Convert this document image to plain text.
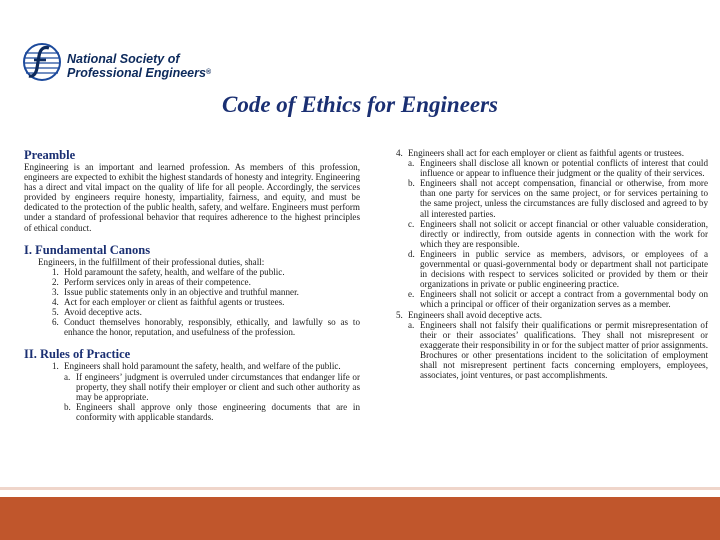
National Society of
Professional Engineers®
Code of Ethics for Engineers
Preamble

Engineering is an important and learned profession. As members of this profession, engineers are expected to exhibit the highest standards of honesty and integrity. Engineering has a direct and vital impact on the quality of life for all people. Accordingly, the services provided by engineers require honesty, impartiality, fairness, and equity, and must be dedicated to the protection of the public health, safety, and welfare. Engineers must perform under a standard of professional behavior that requires adherence to the highest principles of ethical conduct.

I. Fundamental Canons
Engineers, in the fulfillment of their professional duties, shall:
1. Hold paramount the safety, health, and welfare of the public.
2. Perform services only in areas of their competence.
3. Issue public statements only in an objective and truthful manner.
4. Act for each employer or client as faithful agents or trustees.
5. Avoid deceptive acts.
6. Conduct themselves honorably, responsibly, ethically, and lawfully so as to enhance the honor, reputation, and usefulness of the profession.
II. Rules of Practice
1. Engineers shall hold paramount the safety, health, and welfare of the public.
a. If engineers’ judgment is overruled under circumstances that endanger life or property, they shall notify their employer or client and such other authority as may be appropriate.
b. Engineers shall approve only those engineering documents that are in conformity with applicable standards.
4. Engineers shall act for each employer or client as faithful agents or trustees.
a. Engineers shall disclose all known or potential conflicts of interest that could influence or appear to influence their judgment or the quality of their services.
b. Engineers shall not accept compensation, financial or otherwise, from more than one party for services on the same project, or for services pertaining to the same project, unless the circumstances are fully disclosed and agreed to by all interested parties.
c. Engineers shall not solicit or accept financial or other valuable consideration, directly or indirectly, from outside agents in connection with the work for which they are responsible.
d. Engineers in public service as members, advisors, or employees of a governmental or quasi-governmental body or department shall not participate in decisions with respect to services solicited or provided by them or their organizations in private or public engineering practice.
e. Engineers shall not solicit or accept a contract from a governmental body on which a principal or officer of their organization serves as a member.
5. Engineers shall avoid deceptive acts.
a. Engineers shall not falsify their qualifications or permit misrepresentation of their or their associates’ qualifications. They shall not misrepresent or exaggerate their responsibility in or for the subject matter of prior assignments. Brochures or other presentations incident to the solicitation of employment shall not misrepresent pertinent facts concerning employers, employees, associates, joint ventures, or past accomplishments.
